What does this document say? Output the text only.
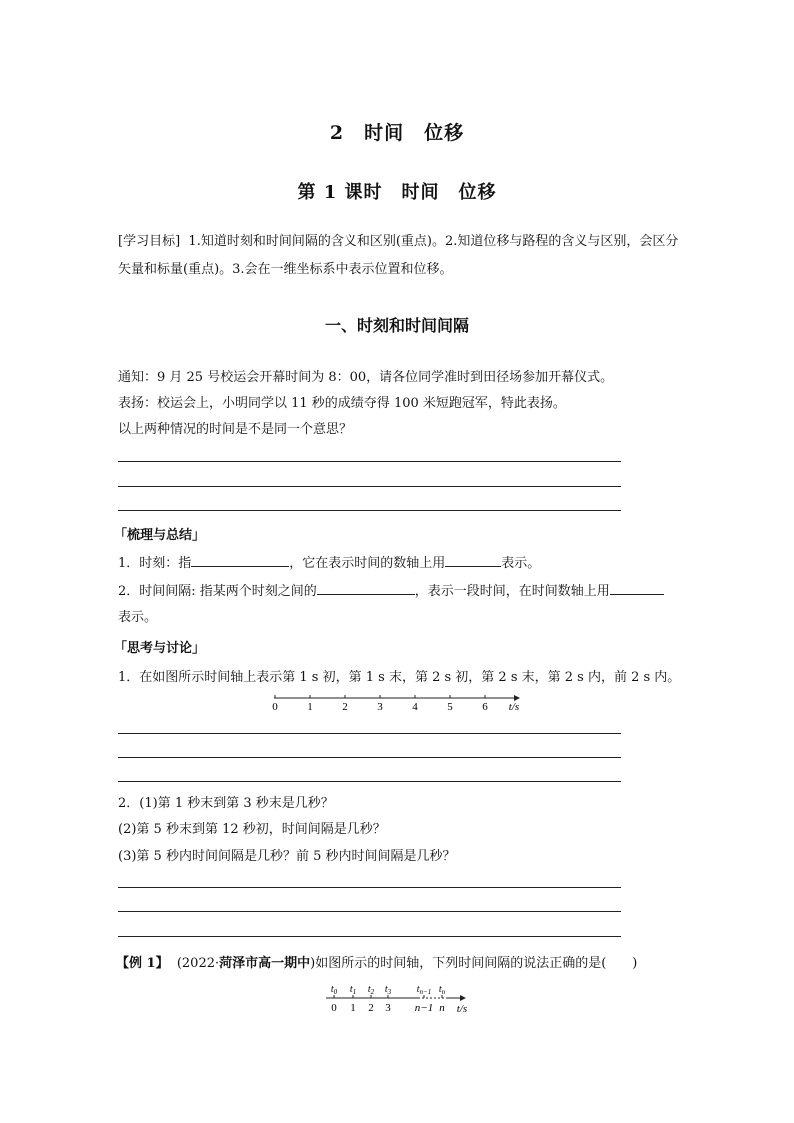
2　时间　位移
第 1 课时　时间　位移
[学习目标] 1.知道时刻和时间间隔的含义和区别(重点)。2.知道位移与路程的含义与区别，会区分矢量和标量(重点)。3.会在一维坐标系中表示位置和位移。
一、时刻和时间间隔
通知：9 月 25 号校运会开幕时间为 8：00，请各位同学准时到田径场参加开幕仪式。
表扬：校运会上，小明同学以 11 秒的成绩夺得 100 米短跑冠军，特此表扬。
以上两种情况的时间是不是同一个意思？
「梳理与总结」
1．时刻：指	，它在表示时间的数轴上用	表示。
2．时间间隔: 指某两个时刻之间的	，表示一段时间，在时间数轴上用
表示。
「思考与讨论」
1．在如图所示时间轴上表示第 1 s 初，第 1 s 末，第 2 s 初，第 2 s 末，第 2 s 内，前 2 s 内。
0	1	2	3	4	5	6 t/s
2．(1)第 1 秒末到第 3 秒末是几秒？
(2)第 5 秒末到第 12 秒初，时间间隔是几秒？
(3)第 5 秒内时间间隔是几秒？前 5 秒内时间间隔是几秒？
【例 1】 (2022·菏泽市高一期中)如图所示的时间轴，下列时间间隔的说法正确的是(　　)
$t_0$
0
$t_1$
1
$t_2$
2
$t_3$
3
$t_{n-1}$
n−1
$t_n$
n t/s
